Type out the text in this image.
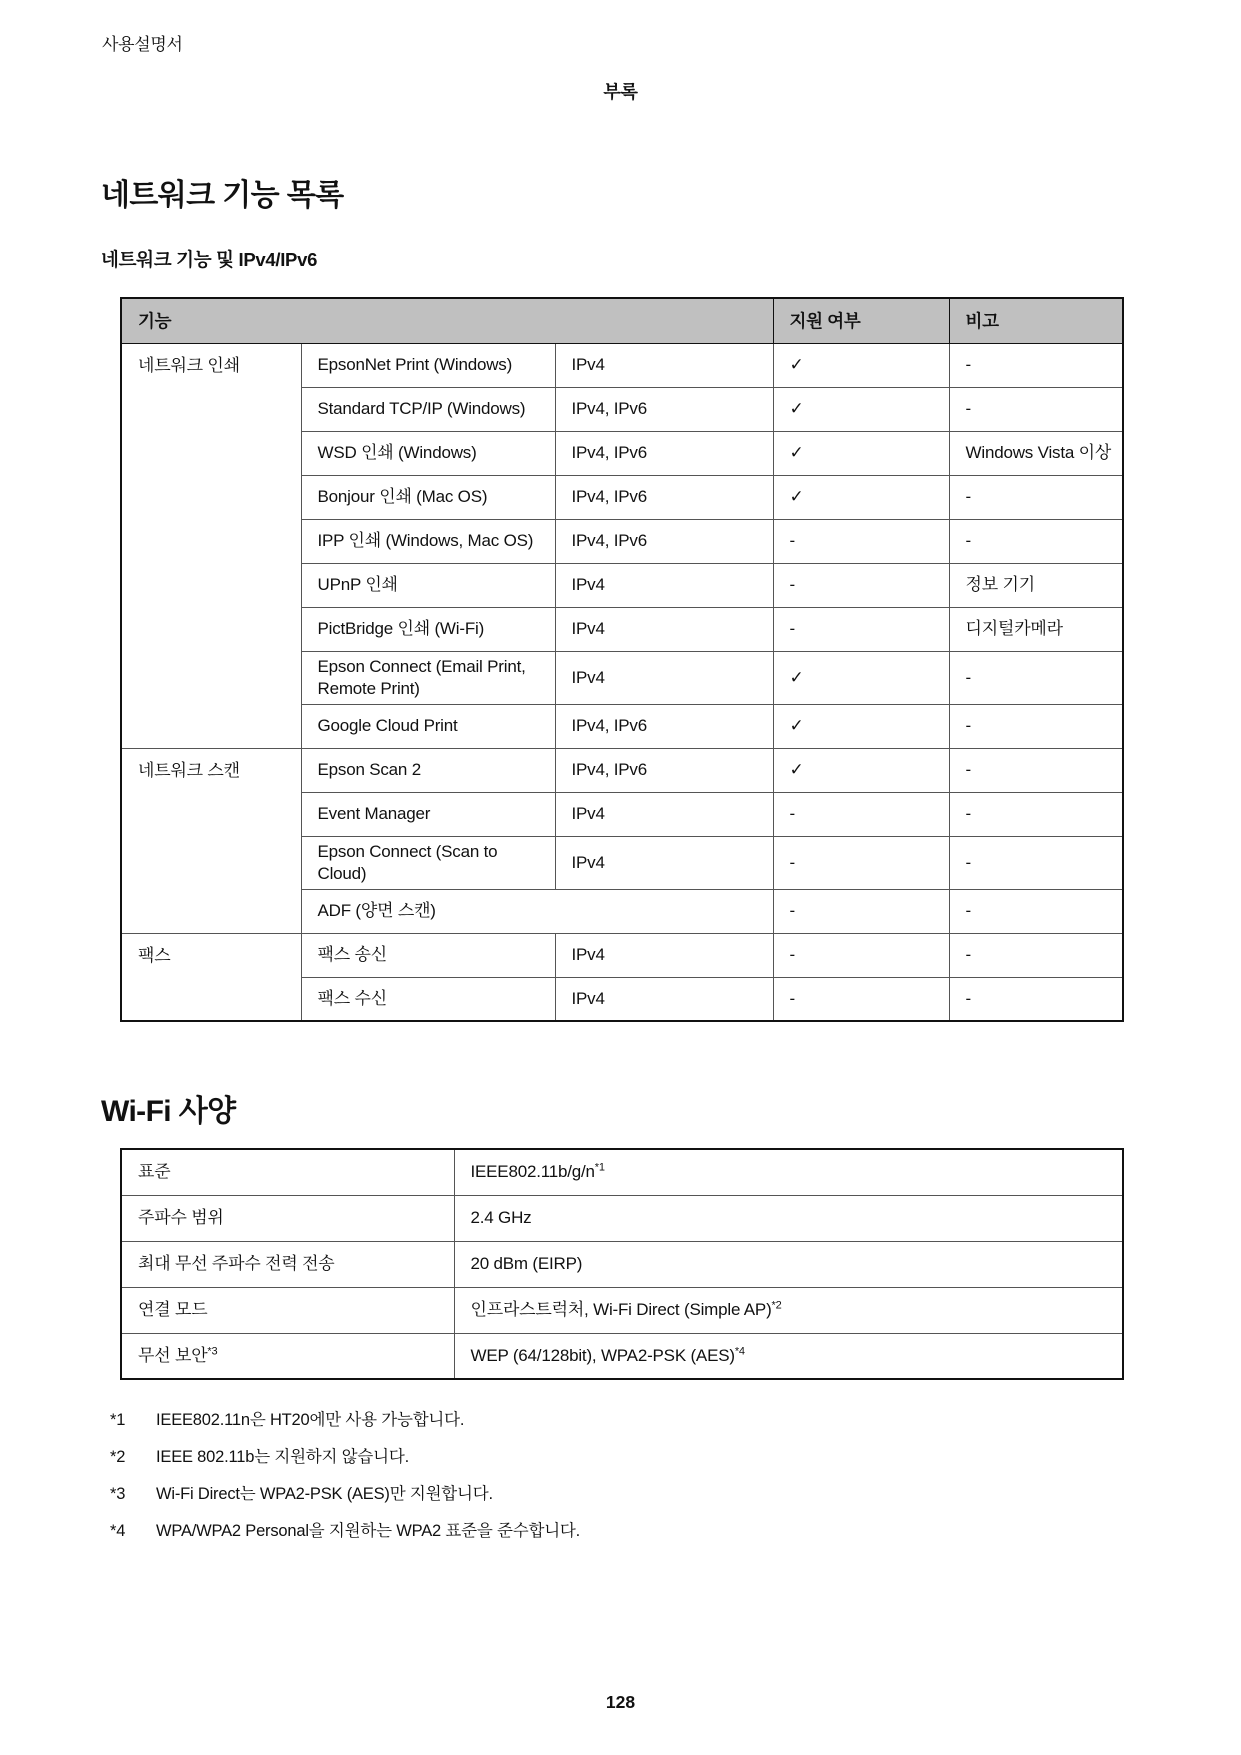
사용설명서
부록
네트워크 기능 목록
네트워크 기능 및 IPv4/IPv6
기능			지원 여부	비고
네트워크 인쇄	EpsonNet Print (Windows)	IPv4	✓	-
	Standard TCP/IP (Windows)	IPv4, IPv6	✓	-
	WSD 인쇄 (Windows)	IPv4, IPv6	✓	Windows Vista 이상
	Bonjour 인쇄 (Mac OS)	IPv4, IPv6	✓	-
	IPP 인쇄 (Windows, Mac OS)	IPv4, IPv6	-	-
	UPnP 인쇄	IPv4	-	정보 기기
	PictBridge 인쇄 (Wi-Fi)	IPv4	-	디지털카메라
	Epson Connect (Email Print, Remote Print)	IPv4	✓	-
	Google Cloud Print	IPv4, IPv6	✓	-
네트워크 스캔	Epson Scan 2	IPv4, IPv6	✓	-
	Event Manager	IPv4	-	-
	Epson Connect (Scan to Cloud)	IPv4	-	-
	ADF (양면 스캔)		-	-
팩스	팩스 송신	IPv4	-	-
	팩스 수신	IPv4	-	-
Wi-Fi 사양
표준	$IEEE802.11b/g/n^{*1}$
주파수 범위	2.4 GHz
최대 무선 주파수 전력 전송	20 dBm (EIRP)
연결 모드	인프라스트럭처, Wi-Fi Direct (Simple AP)$^{*2}$
무선 보안$^{*3}$	WEP (64/128bit), WPA2-PSK (AES)$^{*4}$
*1	IEEE802.11n은 HT20에만 사용 가능합니다.
*2	IEEE 802.11b는 지원하지 않습니다.
*3	Wi-Fi Direct는 WPA2-PSK (AES)만 지원합니다.
*4	WPA/WPA2 Personal을 지원하는 WPA2 표준을 준수합니다.
128
